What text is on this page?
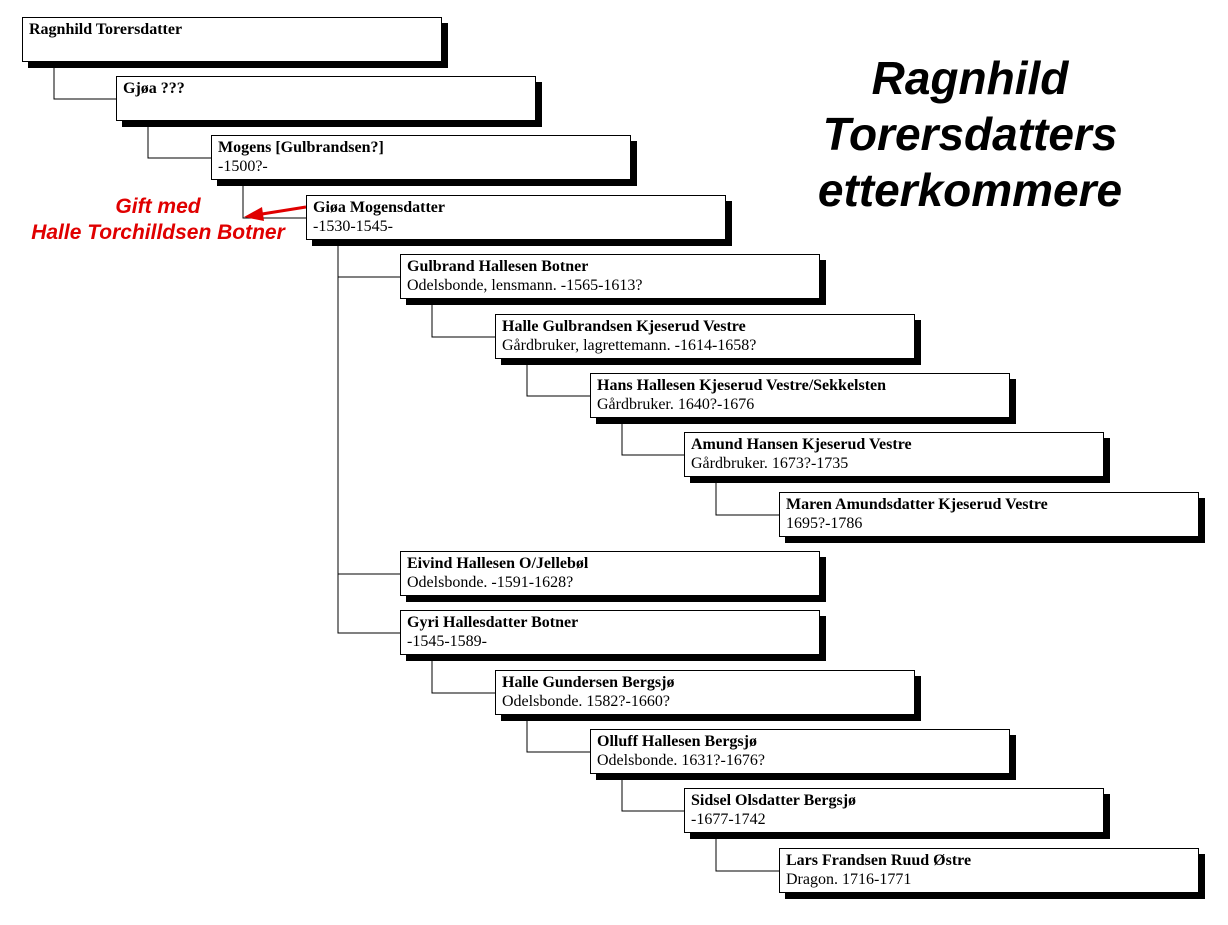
Ragnhild
Torersdatters
etterkommere
Gift med
Halle Torchilldsen Botner
Ragnhild Torersdatter
Gjøa ???
Mogens [Gulbrandsen?]
-1500?-
Giøa Mogensdatter
-1530-1545-
Gulbrand Hallesen Botner
Odelsbonde, lensmann. -1565-1613?
Halle Gulbrandsen Kjeserud Vestre
Gårdbruker, lagrettemann. -1614-1658?
Hans Hallesen Kjeserud Vestre/Sekkelsten
Gårdbruker. 1640?-1676
Amund Hansen Kjeserud Vestre
Gårdbruker. 1673?-1735
Maren Amundsdatter Kjeserud Vestre
1695?-1786
Eivind Hallesen O/Jellebøl
Odelsbonde. -1591-1628?
Gyri Hallesdatter Botner
-1545-1589-
Halle Gundersen Bergsjø
Odelsbonde. 1582?-1660?
Olluff Hallesen Bergsjø
Odelsbonde. 1631?-1676?
Sidsel Olsdatter Bergsjø
-1677-1742
Lars Frandsen Ruud Østre
Dragon. 1716-1771
